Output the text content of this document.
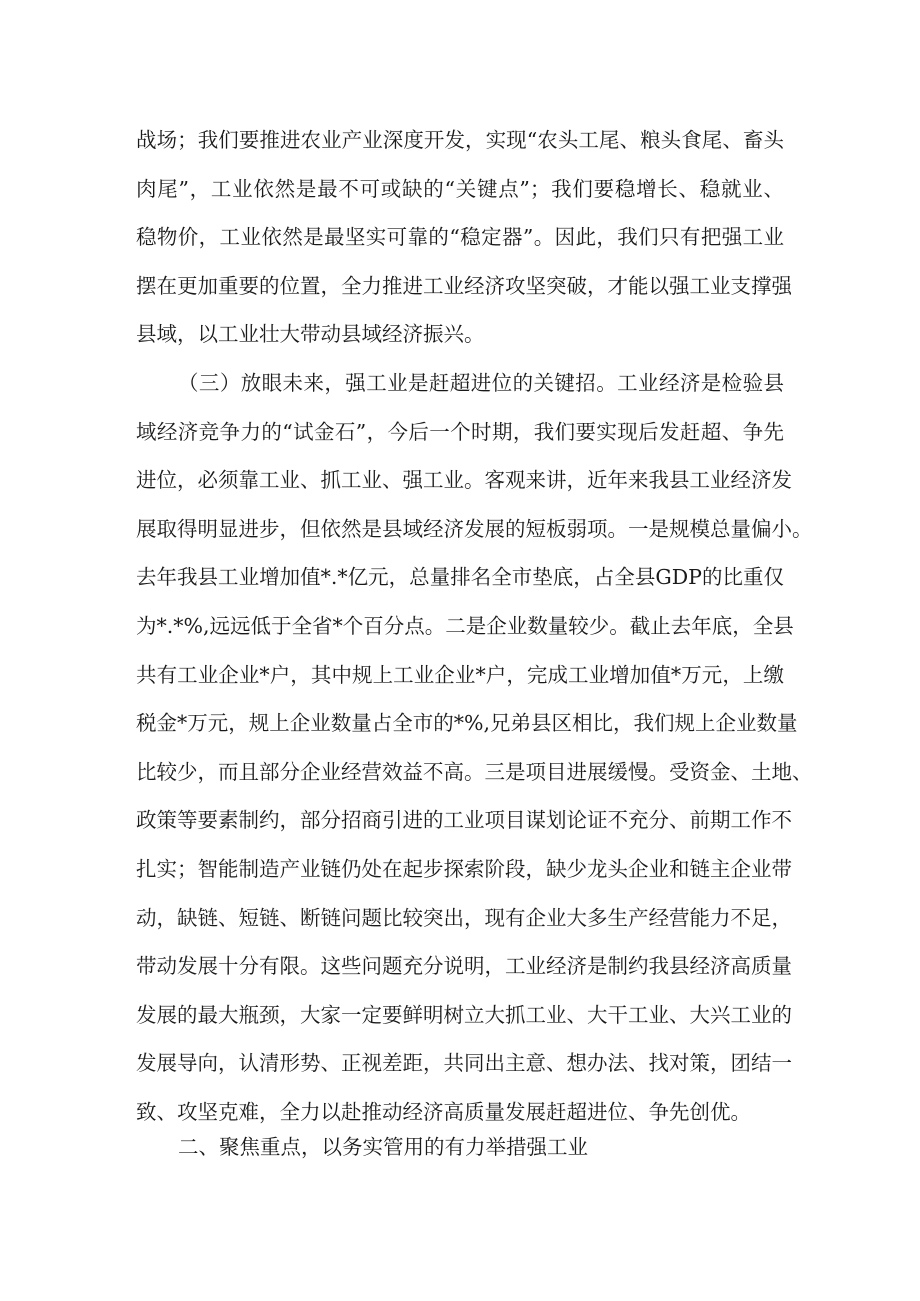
战场；我们要推进农业产业深度开发，实现“农头工尾、粮头食尾、畜头
肉尾”，工业依然是最不可或缺的“关键点”；我们要稳增长、稳就业、
稳物价，工业依然是最坚实可靠的“稳定器”。因此，我们只有把强工业
摆在更加重要的位置，全力推进工业经济攻坚突破，才能以强工业支撑强
县域，以工业壮大带动县域经济振兴。
（三）放眼未来，强工业是赶超进位的关键招。工业经济是检验县
域经济竞争力的“试金石”，今后一个时期，我们要实现后发赶超、争先
进位，必须靠工业、抓工业、强工业。客观来讲，近年来我县工业经济发
展取得明显进步，但依然是县域经济发展的短板弱项。一是规模总量偏小。
去年我县工业增加值*.*亿元，总量排名全市垫底，占全县GDP的比重仅
为*.*%,远远低于全省*个百分点。二是企业数量较少。截止去年底，全县
共有工业企业*户，其中规上工业企业*户，完成工业增加值*万元，上缴
税金*万元，规上企业数量占全市的*%,兄弟县区相比，我们规上企业数量
比较少，而且部分企业经营效益不高。三是项目进展缓慢。受资金、土地、
政策等要素制约，部分招商引进的工业项目谋划论证不充分、前期工作不
扎实；智能制造产业链仍处在起步探索阶段，缺少龙头企业和链主企业带
动，缺链、短链、断链问题比较突出，现有企业大多生产经营能力不足，
带动发展十分有限。这些问题充分说明，工业经济是制约我县经济高质量
发展的最大瓶颈，大家一定要鲜明树立大抓工业、大干工业、大兴工业的
发展导向，认清形势、正视差距，共同出主意、想办法、找对策，团结一
致、攻坚克难，全力以赴推动经济高质量发展赶超进位、争先创优。
二、聚焦重点，以务实管用的有力举措强工业
